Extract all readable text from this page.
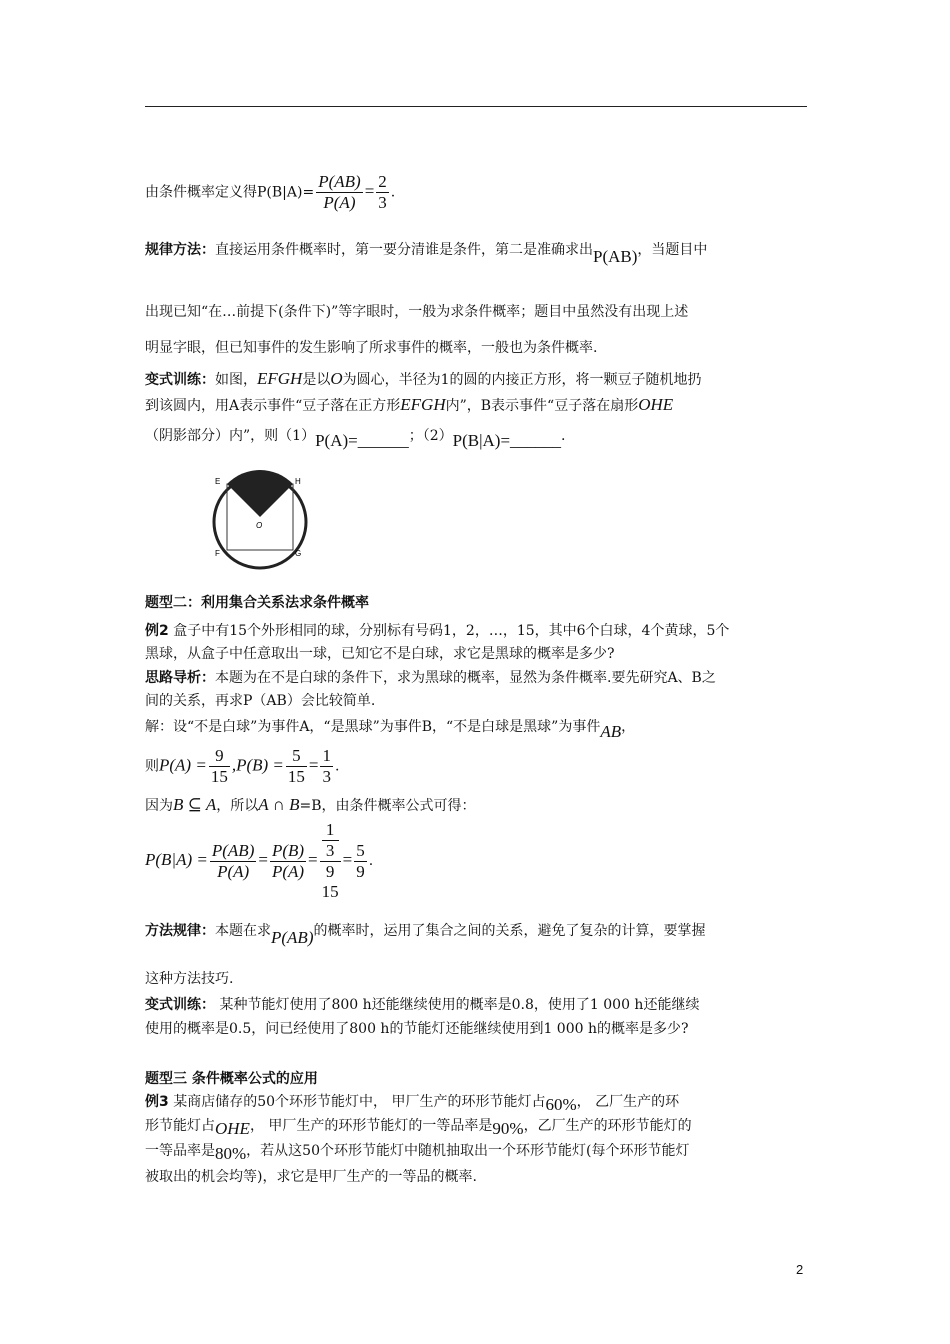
由条件概率定义得$P(B|A)= \frac{P(AB)}{P(A)} = \frac{2}{3}$ .
规律方法：直接运用条件概率时，第一要分清谁是条件，第二是准确求出P(AB)，当题目中
出现已知“在…前提下(条件下)”等字眼时，一般为求条件概率；题目中虽然没有出现上述
明显字眼，但已知事件的发生影响了所求事件的概率，一般也为条件概率.
变式训练：如图，EFGH是以O为圆心，半径为1的圆的内接正方形，将一颗豆子随机地扔
到该圆内，用A表示事件“豆子落在正方形EFGH内”，B表示事件“豆子落在扇形OHE
（阴影部分）内”，则（1）P(A)=______；（2）P(B|A)=______.
E	H
O
F	G
题型二：利用集合关系法求条件概率
例2 盒子中有15个外形相同的球，分别标有号码1，2，…，15，其中6个白球，4个黄球，5个
黑球，从盒子中任意取出一球，已知它不是白球，求它是黑球的概率是多少?
思路导析：本题为在不是白球的条件下，求为黑球的概率，显然为条件概率.要先研究A、B之
间的关系，再求P（AB）会比较简单.
解：设“不是白球”为事件A，“是黑球”为事件B，“不是白球是黑球”为事件AB，
则$P(A) = \frac{9}{15} ,P(B) = \frac{5}{15} = \frac{1}{3}$ .
因为B ⊆ A，所以A ∩ B=B，由条件概率公式可得：
$P(B|A) = \frac{P(AB)}{P(A)} = \frac{P(B)}{P(A)}$ =
1
3
9
15
= $\frac{5}{9}$ .
方法规律：本题在求P(AB)的概率时，运用了集合之间的关系，避免了复杂的计算，要掌握
这种方法技巧.
变式训练： 某种节能灯使用了800 h还能继续使用的概率是0.8，使用了1 000 h还能继续
使用的概率是0.5，问已经使用了800 h的节能灯还能继续使用到1 000 h的概率是多少?
题型三 条件概率公式的应用
例3 某商店储存的50个环形节能灯中， 甲厂生产的环形节能灯占60%， 乙厂生产的环
形节能灯占OHE， 甲厂生产的环形节能灯的一等品率是90%，乙厂生产的环形节能灯的
一等品率是80%，若从这50个环形节能灯中随机抽取出一个环形节能灯(每个环形节能灯
被取出的机会均等)，求它是甲厂生产的一等品的概率.
2
